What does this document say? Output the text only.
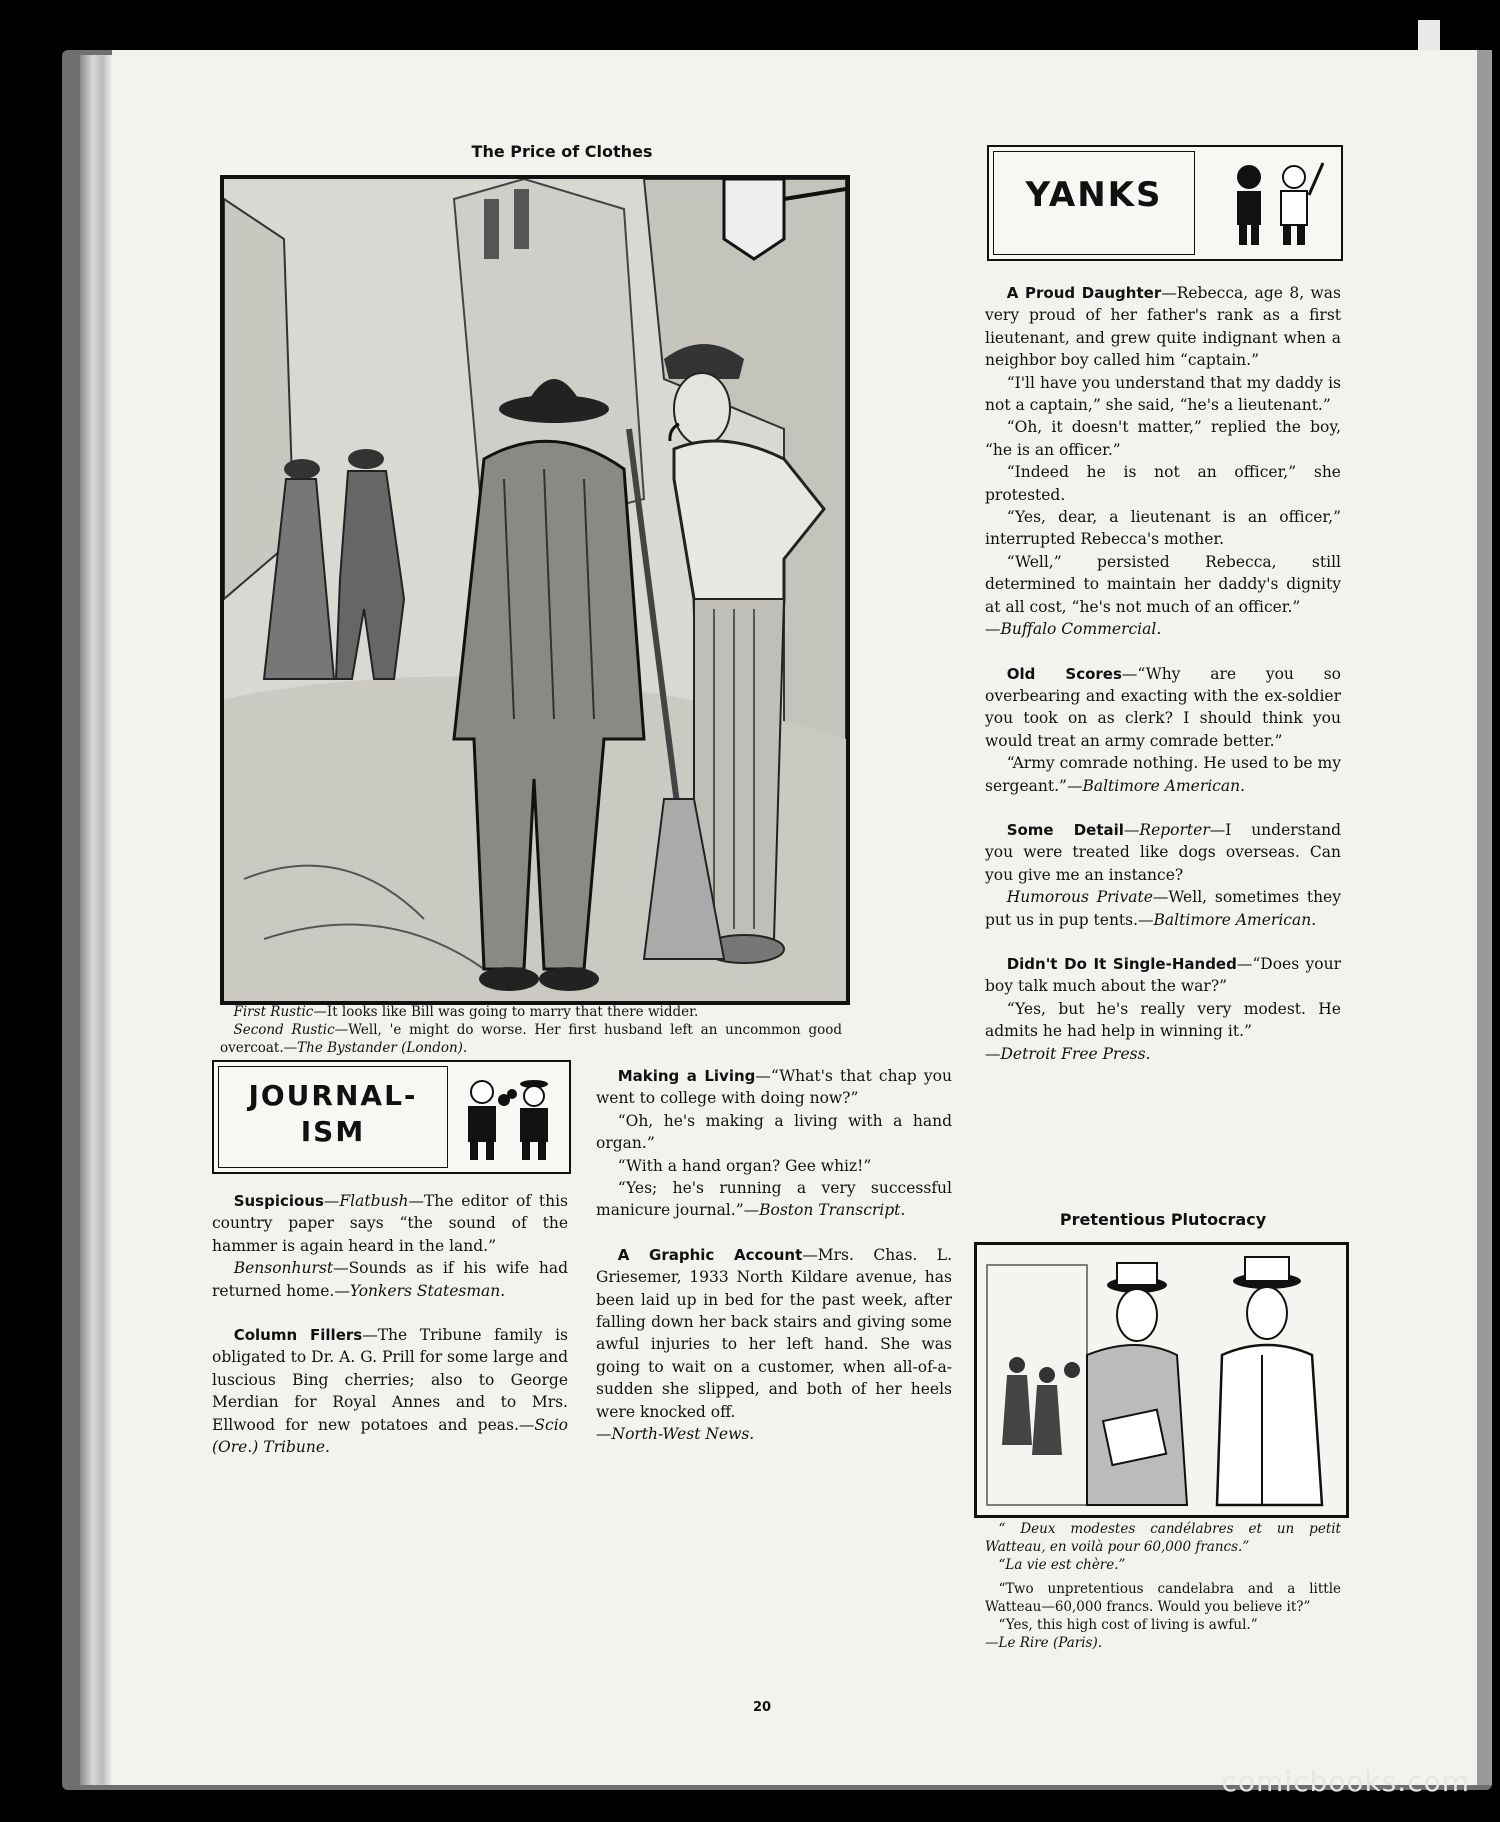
The Price of Clothes

First Rustic—It looks like Bill was going to marry that there widder.

Second Rustic—Well, 'e might do worse. Her first husband left an uncommon good overcoat.—The Bystander (London).

YANKS

A Proud Daughter—Rebecca, age 8, was very proud of her father's rank as a first lieutenant, and grew quite indignant when a neighbor boy called him “captain.”

“I'll have you understand that my daddy is not a captain,” she said, “he's a lieutenant.”

“Oh, it doesn't matter,” replied the boy, “he is an officer.”

“Indeed he is not an officer,” she protested.

“Yes, dear, a lieutenant is an officer,” interrupted Rebecca's mother.

“Well,” persisted Rebecca, still determined to maintain her daddy's dignity at all cost, “he's not much of an officer.”

—Buffalo Commercial.

Old Scores—“Why are you so overbearing and exacting with the ex-soldier you took on as clerk? I should think you would treat an army comrade better.”

“Army comrade nothing. He used to be my sergeant.”—Baltimore American.

Some Detail—Reporter—I understand you were treated like dogs overseas. Can you give me an instance?

Humorous Private—Well, sometimes they put us in pup tents.—Baltimore American.

Didn't Do It Single-Handed—“Does your boy talk much about the war?”

“Yes, but he's really very modest. He admits he had help in winning it.”

—Detroit Free Press.

Pretentious Plutocracy

“ Deux modestes candélabres et un petit Watteau, en voilà pour 60,000 francs.”

“La vie est chère.”

“Two unpretentious candelabra and a little Watteau—60,000 francs. Would you believe it?”

“Yes, this high cost of living is awful.”

—Le Rire (Paris).

JOURNAL-
ISM

Suspicious—Flatbush—The editor of this country paper says “the sound of the hammer is again heard in the land.”

Bensonhurst—Sounds as if his wife had returned home.—Yonkers Statesman.

Column Fillers—The Tribune family is obligated to Dr. A. G. Prill for some large and luscious Bing cherries; also to George Merdian for Royal Annes and to Mrs. Ellwood for new potatoes and peas.—Scio (Ore.) Tribune.

Making a Living—“What's that chap you went to college with doing now?”

“Oh, he's making a living with a hand organ.”

“With a hand organ? Gee whiz!”

“Yes; he's running a very successful manicure journal.”—Boston Transcript.

A Graphic Account—Mrs. Chas. L. Griesemer, 1933 North Kildare avenue, has been laid up in bed for the past week, after falling down her back stairs and giving some awful injuries to her left hand. She was going to wait on a customer, when all-of-a-sudden she slipped, and both of her heels were knocked off.

—North-West News.

20
comicbooks.com
